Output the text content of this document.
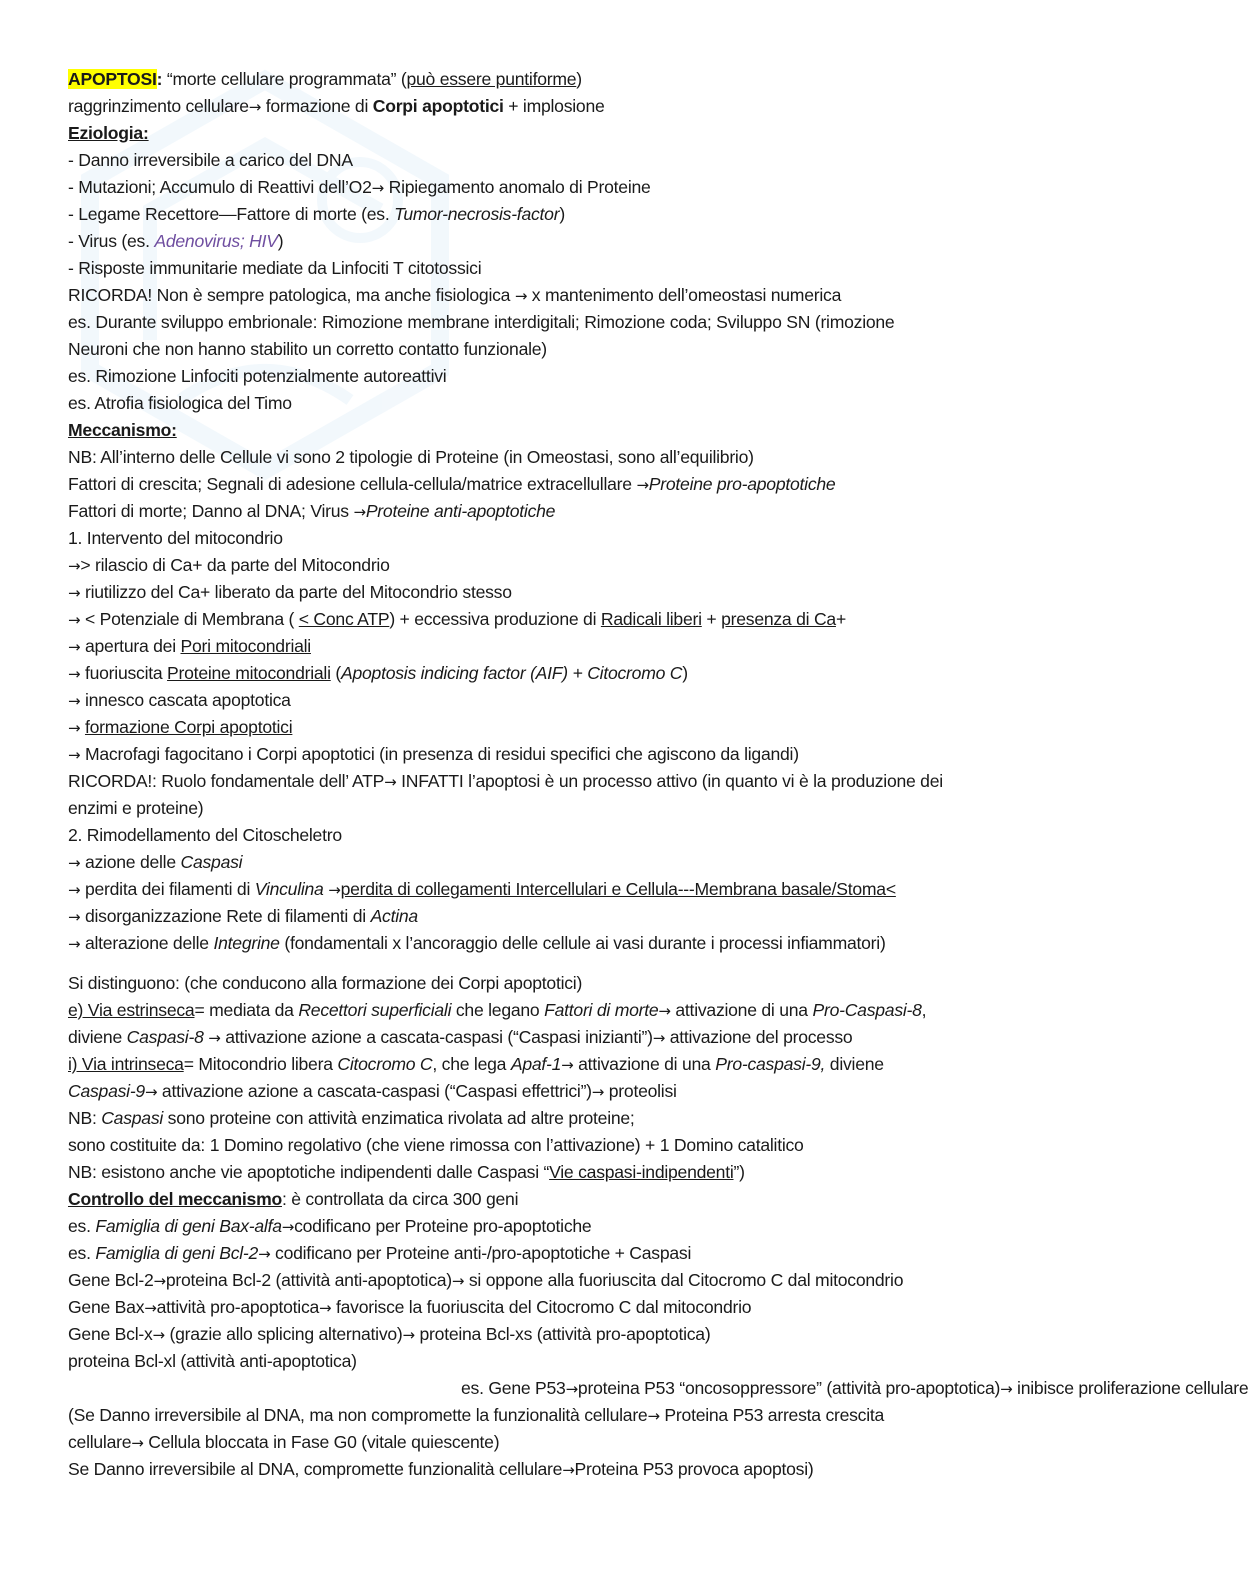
APOPTOSI: “morte cellulare programmata” (può essere puntiforme)
raggrinzimento cellulare→ formazione di Corpi apoptotici + implosione
Eziologia:
- Danno irreversibile a carico del DNA
- Mutazioni; Accumulo di Reattivi dell’O2→ Ripiegamento anomalo di Proteine
- Legame Recettore—Fattore di morte (es. Tumor-necrosis-factor)
- Virus (es. Adenovirus; HIV)
- Risposte immunitarie mediate da Linfociti T citotossici
RICORDA! Non è sempre patologica, ma anche fisiologica → x mantenimento dell’omeostasi numerica
es. Durante sviluppo embrionale: Rimozione membrane interdigitali; Rimozione coda; Sviluppo SN (rimozione
Neuroni che non hanno stabilito un corretto contatto funzionale)
es. Rimozione Linfociti potenzialmente autoreattivi
es. Atrofia fisiologica del Timo
Meccanismo:
NB: All’interno delle Cellule vi sono 2 tipologie di Proteine (in Omeostasi, sono all’equilibrio)
Fattori di crescita; Segnali di adesione cellula-cellula/matrice extracellullare →Proteine pro-apoptotiche
Fattori di morte; Danno al DNA; Virus →Proteine anti-apoptotiche
1. Intervento del mitocondrio
→> rilascio di Ca+ da parte del Mitocondrio
→ riutilizzo del Ca+ liberato da parte del Mitocondrio stesso
→ < Potenziale di Membrana ( < Conc ATP) + eccessiva produzione di Radicali liberi + presenza di Ca+
→ apertura dei Pori mitocondriali
→ fuoriuscita Proteine mitocondriali (Apoptosis indicing factor (AIF) + Citocromo C)
→ innesco cascata apoptotica
→ formazione Corpi apoptotici
→ Macrofagi fagocitano i Corpi apoptotici (in presenza di residui specifici che agiscono da ligandi)
RICORDA!: Ruolo fondamentale dell’ ATP→ INFATTI l’apoptosi è un processo attivo (in quanto vi è la produzione dei
enzimi e proteine)
2. Rimodellamento del Citoscheletro
→ azione delle Caspasi
→ perdita dei filamenti di Vinculina →perdita di collegamenti Intercellulari e Cellula---Membrana basale/Stoma<
→ disorganizzazione Rete di filamenti di Actina
→ alterazione delle Integrine (fondamentali x l’ancoraggio delle cellule ai vasi durante i processi infiammatori)
Si distinguono: (che conducono alla formazione dei Corpi apoptotici)
e) Via estrinseca= mediata da Recettori superficiali che legano Fattori di morte→ attivazione di una Pro-Caspasi-8,
diviene Caspasi-8 → attivazione azione a cascata-caspasi (“Caspasi inizianti”)→ attivazione del processo
i) Via intrinseca= Mitocondrio libera Citocromo C, che lega Apaf-1→ attivazione di una Pro-caspasi-9, diviene
Caspasi-9→ attivazione azione a cascata-caspasi (“Caspasi effettrici”)→ proteolisi
NB: Caspasi sono proteine con attività enzimatica rivolata ad altre proteine;
sono costituite da: 1 Domino regolativo (che viene rimossa con l’attivazione) + 1 Domino catalitico
NB: esistono anche vie apoptotiche indipendenti dalle Caspasi “Vie caspasi-indipendenti”)
Controllo del meccanismo: è controllata da circa 300 geni
es. Famiglia di geni Bax-alfa→codificano per Proteine pro-apoptotiche
es. Famiglia di geni Bcl-2→ codificano per Proteine anti-/pro-apoptotiche + Caspasi
Gene Bcl-2→proteina Bcl-2 (attività anti-apoptotica)→ si oppone alla fuoriuscita dal Citocromo C dal mitocondrio
Gene Bax→attività pro-apoptotica→ favorisce la fuoriuscita del Citocromo C dal mitocondrio
Gene Bcl-x→ (grazie allo splicing alternativo)→ proteina Bcl-xs (attività pro-apoptotica)
proteina Bcl-xl (attività anti-apoptotica)
es. Gene P53→proteina P53 “oncosoppressore” (attività pro-apoptotica)→ inibisce proliferazione cellulare
(Se Danno irreversibile al DNA, ma non compromette la funzionalità cellulare→ Proteina P53 arresta crescita
cellulare→ Cellula bloccata in Fase G0 (vitale quiescente)
Se Danno irreversibile al DNA, compromette funzionalità cellulare→Proteina P53 provoca apoptosi)
